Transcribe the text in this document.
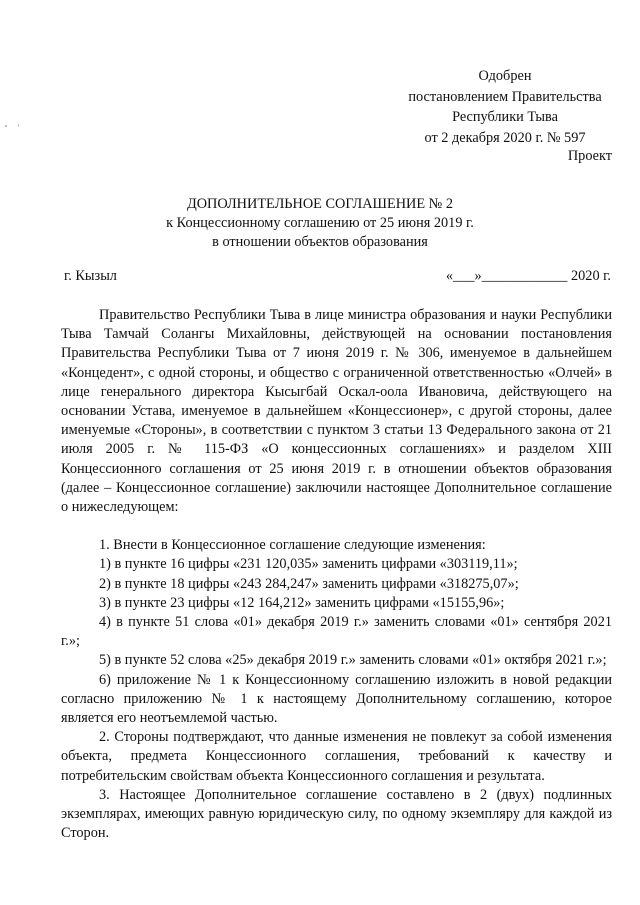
Одобрен
постановлением Правительства
Республики Тыва
от 2 декабря 2020 г. № 597
Проект
ДОПОЛНИТЕЛЬНОЕ СОГЛАШЕНИЕ № 2
к Концессионному соглашению от 25 июня 2019 г.
в отношении объектов образования
г. Кызыл	«___»____________ 2020 г.

Правительство Республики Тыва в лице министра образования и науки Республики Тыва Тамчай Солангы Михайловны, действующей на основании постановления Правительства Республики Тыва от 7 июня 2019 г. № 306, именуемое в дальнейшем «Концедент», с одной стороны, и общество с ограниченной ответственностью «Олчей» в лице генерального директора Кысыгбай Оскал-оола Ивановича, действующего на основании Устава, именуемое в дальнейшем «Концессионер», с другой стороны, далее именуемые «Стороны», в соответствии с пунктом 3 статьи 13 Федерального закона от 21 июля 2005 г. № 115-ФЗ «О концессионных соглашениях» и разделом XIII Концессионного соглашения от 25 июня 2019 г. в отношении объектов образования (далее – Концессионное соглашение) заключили настоящее Дополнительное соглашение о нижеследующем:

1. Внести в Концессионное соглашение следующие изменения:

1) в пункте 16 цифры «231 120,035» заменить цифрами «303119,11»;

2) в пункте 18 цифры «243 284,247» заменить цифрами «318275,07»;

3) в пункте 23 цифры «12 164,212» заменить цифрами «15155,96»;

4) в пункте 51 слова «01» декабря 2019 г.» заменить словами «01» сентября 2021 г.»;

5) в пункте 52 слова «25» декабря 2019 г.» заменить словами «01» октября 2021 г.»;

6) приложение № 1 к Концессионному соглашению изложить в новой редакции согласно приложению № 1 к настоящему Дополнительному соглашению, которое является его неотъемлемой частью.

2. Стороны подтверждают, что данные изменения не повлекут за собой изменения объекта, предмета Концессионного соглашения, требований к качеству и потребительским свойствам объекта Концессионного соглашения и результата.

3. Настоящее Дополнительное соглашение составлено в 2 (двух) подлинных экземплярах, имеющих равную юридическую силу, по одному экземпляру для каждой из Сторон.
